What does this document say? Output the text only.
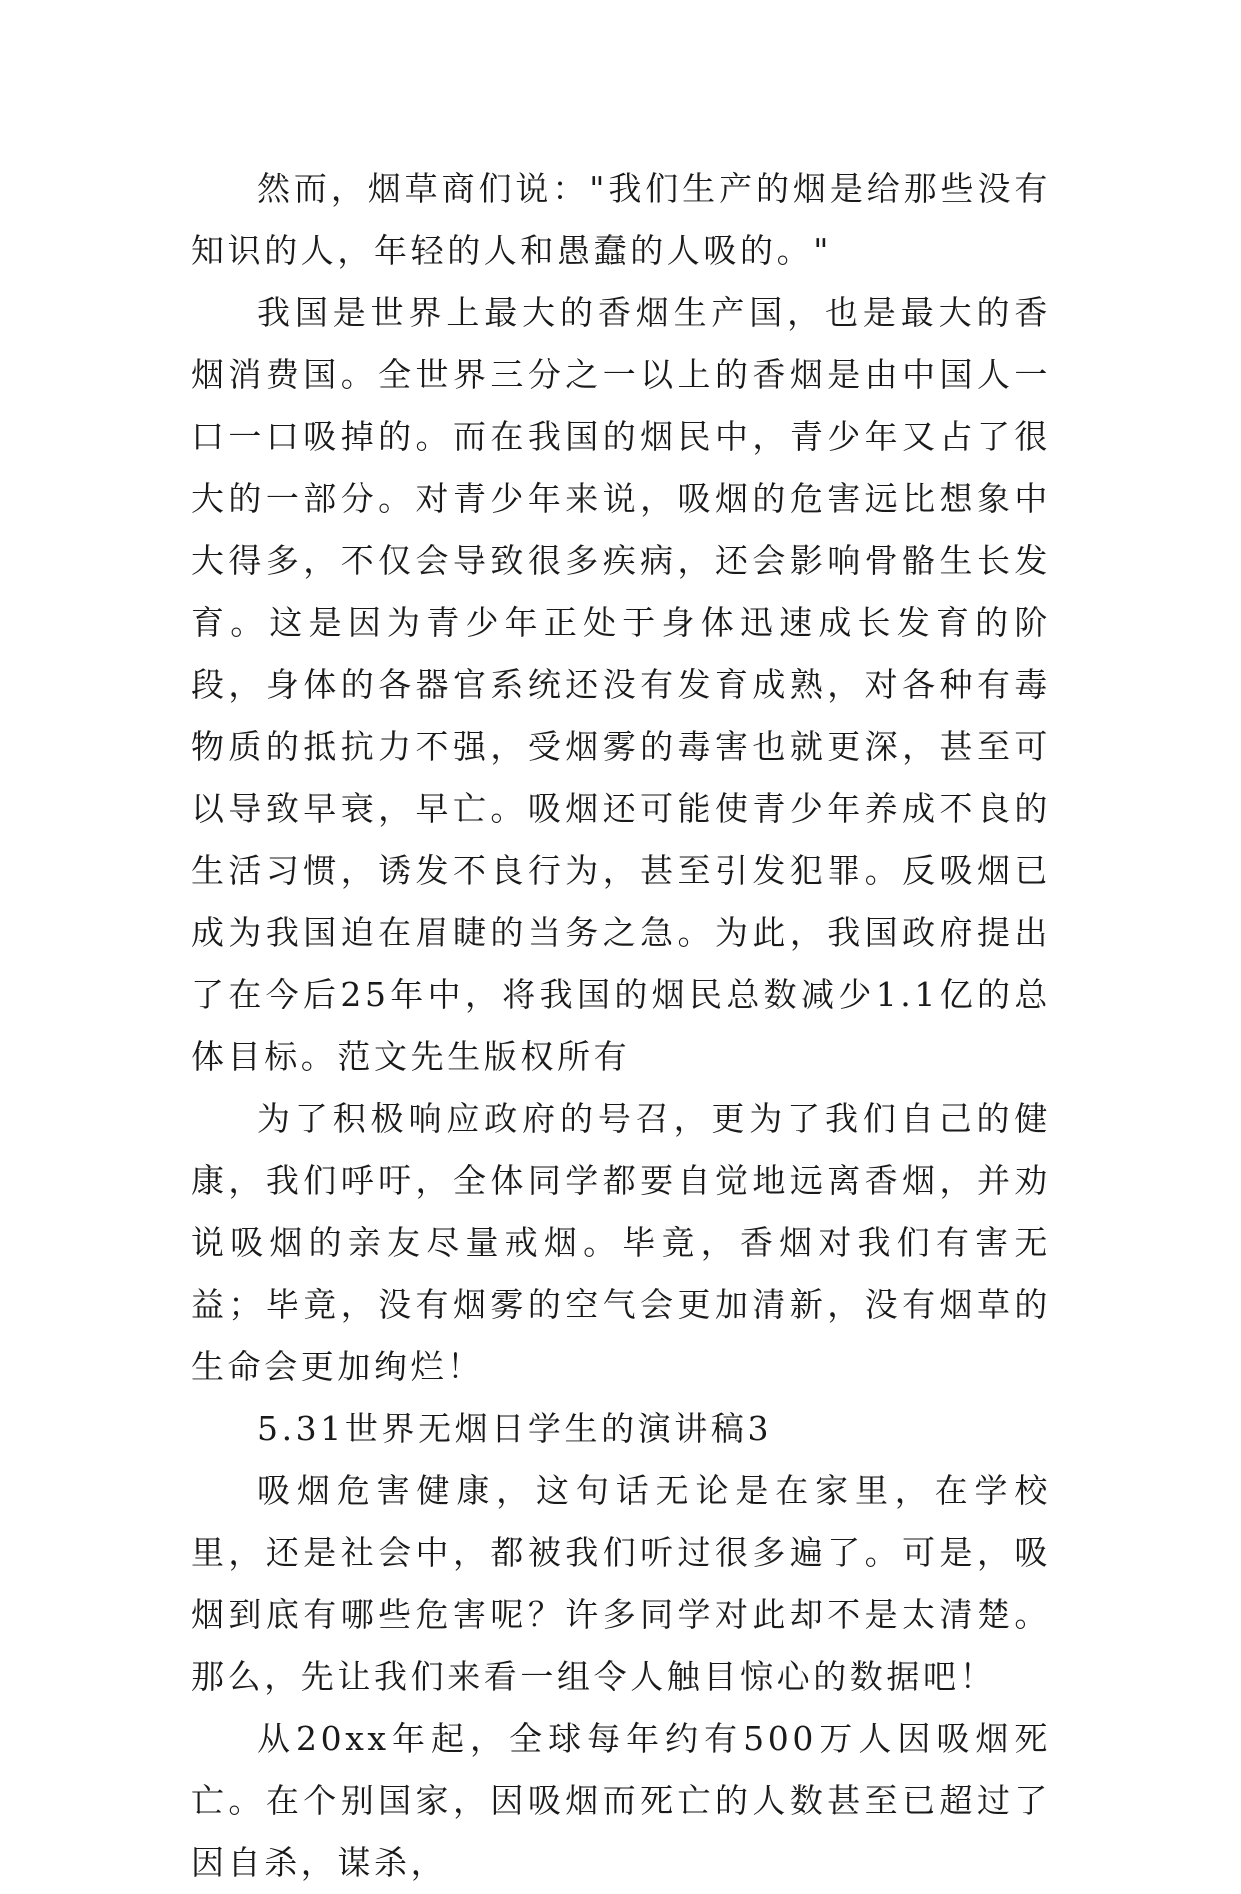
然而，烟草商们说："我们生产的烟是给那些没有知识的人，年轻的人和愚蠢的人吸的。"

我国是世界上最大的香烟生产国，也是最大的香烟消费国。全世界三分之一以上的香烟是由中国人一口一口吸掉的。而在我国的烟民中，青少年又占了很大的一部分。对青少年来说，吸烟的危害远比想象中大得多，不仅会导致很多疾病，还会影响骨骼生长发育。这是因为青少年正处于身体迅速成长发育的阶段，身体的各器官系统还没有发育成熟，对各种有毒物质的抵抗力不强，受烟雾的毒害也就更深，甚至可以导致早衰，早亡。吸烟还可能使青少年养成不良的生活习惯，诱发不良行为，甚至引发犯罪。反吸烟已成为我国迫在眉睫的当务之急。为此，我国政府提出了在今后25年中，将我国的烟民总数减少1.1亿的总体目标。范文先生版权所有

为了积极响应政府的号召，更为了我们自己的健康，我们呼吁，全体同学都要自觉地远离香烟，并劝说吸烟的亲友尽量戒烟。毕竟，香烟对我们有害无益；毕竟，没有烟雾的空气会更加清新，没有烟草的生命会更加绚烂！

5.31世界无烟日学生的演讲稿3

吸烟危害健康，这句话无论是在家里，在学校里，还是社会中，都被我们听过很多遍了。可是，吸烟到底有哪些危害呢？许多同学对此却不是太清楚。那么，先让我们来看一组令人触目惊心的数据吧！

从20xx年起，全球每年约有500万人因吸烟死亡。在个别国家，因吸烟而死亡的人数甚至已超过了因自杀，谋杀，
